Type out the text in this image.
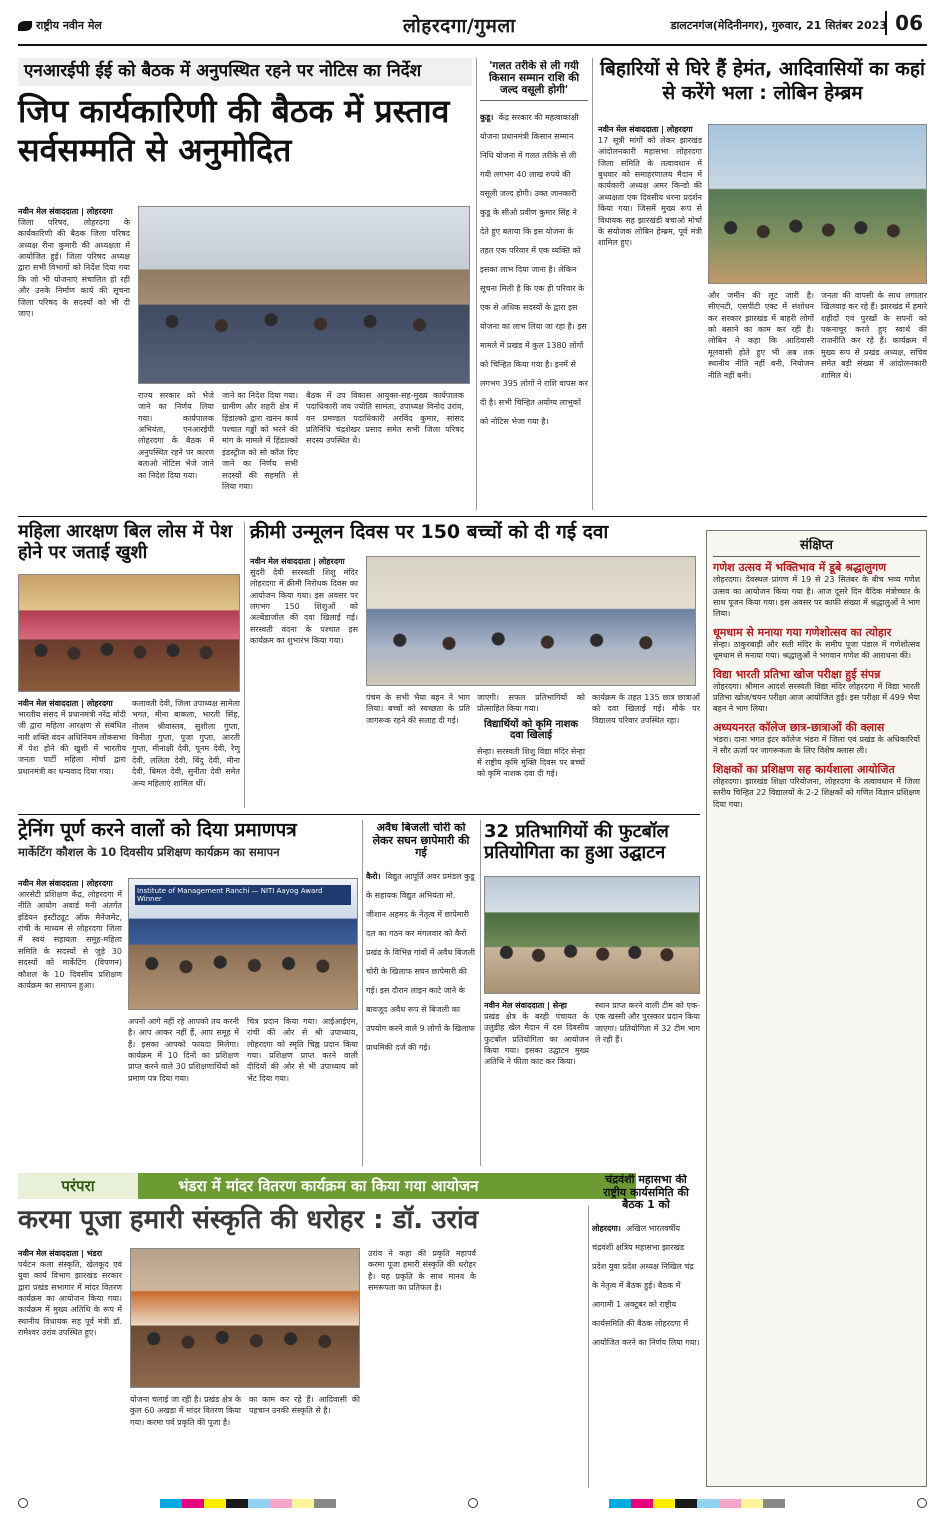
राष्ट्रीय नवीन मेल	लोहरदगा/गुमला	डालटनगंज(मेदिनीनगर), गुरुवार, 21 सितंबर 2023 06
एनआरईपी ईई को बैठक में अनुपस्थित रहने पर नोटिस का निर्देश
जिप कार्यकारिणी की बैठक में प्रस्ताव सर्वसम्मति से अनुमोदित
नवीन मेल संवाददाता | लोहरदगा
जिला परिषद, लोहरदगा के कार्यकारिणी की बैठक जिला परिषद अध्यक्ष रीना कुमारी की अध्यक्षता में आयोजित हुई। जिला परिषद अध्यक्ष द्वारा सभी विभागों को निर्देश दिया गया कि जो भी योजनाएं संचालित हो रही और उनके निर्माण कार्य की सूचना जिला परिषद के सदस्यों को भी दी जाए।
राज्य सरकार को भेजे जाने का निर्णय लिया गया। कार्यपालक अभियंता, एनआरईपी लोहरदगा के बैठक में अनुपस्थित रहने पर कारण बताओ नोटिस भेजे जाने का निदेश दिया गया।
जाने का निदेश दिया गया। ग्रामीण और शहरी क्षेत्र में हिंडाल्को द्वारा खनन कार्य पश्चात गड्ढों को भरने की मांग के मामले में हिंडाल्को इंडस्ट्रीज को सो कॉज दिए जाने का निर्णय सभी सदस्यों की सहमति से लिया गया।
बैठक में उप विकास आयुक्त-सह-मुख्य कार्यपालक पदाधिकारी जय ज्योति सामंता, उपाध्यक्ष विनोद उरांव, वन प्रमण्डल पदाधिकारी अरविंद कुमार, सांसद प्रतिनिधि चंद्रशेखर प्रसाद समेत सभी जिला परिषद सदस्य उपस्थित थे।
'गलत तरीके से ली गयी किसान सम्मान राशि की जल्द वसूली होगी'
कुडू। केंद्र सरकार की महत्वाकांक्षी योजना प्रधानमंत्री किसान सम्मान निधि योजना में गलत तरीके से ली गयी लगभग 40 लाख रुपये की वसूली जल्द होगी। उक्त जानकारी कुडू के सीओ प्रवीण कुमार सिंह ने देते हुए बताया कि इस योजना के तहत एक परिवार में एक व्यक्ति को इसका लाभ दिया जाना है। लेकिन सूचना मिली है कि एक ही परिवार के एक से अधिक सदस्यों के द्वारा इस योजना का लाभ लिया जा रहा है। इस मामले में प्रखंड में कुल 1380 लोगों को चिन्हित किया गया है। इनमें से लगभग 395 लोगों ने राशि वापस कर दी है। सभी चिन्हित अयोग्य लाभुकों को नोटिस भेजा गया है।
बिहारियों से घिरे हैं हेमंत, आदिवासियों का कहां से करेंगे भला : लोबिन हेम्ब्रम
नवीन मेल संवाददाता | लोहरदगा
17 सूत्री मांगों को लेकर झारखंड आंदोलनकारी महासभा लोहरदगा जिला समिति के तत्वावधान में बुधवार को समाहरणालय मैदान में कार्यकारी अध्यक्ष अमर किन्डो की अध्यक्षता एक दिवसीय धरना प्रदर्शन किया गया। जिसमें मुख्य रूप से विधायक सह झारखंडी बचाओ मोर्चा के संयोजक लोबिन हेम्ब्रम, पूर्व मंत्री शामिल हुए।
और जमीन की लूट जारी है। सीएनटी, एसपीटी एक्ट में संशोधन कर सरकार झारखंड में बाहरी लोगों को बसाने का काम कर रही है। लोबिन ने कहा कि आदिवासी मूलवासी होते हुए भी अब तक स्थानीय नीति नहीं बनी, नियोजन नीति नहीं बनी।
जनता की वापसी के साथ लगातार खिलवाड़ कर रहे हैं। झारखंड में हमारे शहीदों एवं पुरखों के सपनों को पकनाचूर करते हुए स्वार्थ की राजनीति कर रहे हैं। कार्यक्रम में मुख्य रूप से प्रखंड अध्यक्ष, सचिव समेत बड़ी संख्या में आंदोलनकारी शामिल थे।
महिला आरक्षण बिल लोस में पेश होने पर जताई खुशी
नवीन मेल संवाददाता | लोहरदगा
भारतीय संसद में प्रधानमंत्री नरेंद्र मोदी जी द्वारा महिला आरक्षण से संबंधित नारी शक्ति वंदन अधिनियम लोकसभा में पेश होने की खुशी में भारतीय जनता पार्टी महिला मोर्चा द्वारा प्रधानमंत्री का धन्यवाद दिया गया।
कलावती देवी, जिला उपाध्यक्ष सामेला भगत, मीना बाकला, भारती सिंह, नीलम श्रीवास्तव, सुशीला गुप्ता, विनीता गुप्ता, पूजा गुप्ता, आरती गुप्ता, मीनाक्षी देवी, पूनम देवी, रेणु देवी, ललिता देवी, बिंदु देवी, मीना देवी, बिमल देवी, सुनीता देवी समेत अन्य महिलाएं शामिल थीं।
क्रीमी उन्मूलन दिवस पर 150 बच्चों को दी गई दवा
नवीन मेल संवाददाता | लोहरदगा
सुंदरी देवी सरस्वती शिशु मंदिर लोहरदगा में क्रीमी निरोधक दिवस का आयोजन किया गया। इस अवसर पर लगभग 150 शिशुओं को अल्बेंडाजोल की दवा खिलाई गई। सरस्वती वंदना के पश्चात इस कार्यक्रम का शुभारंभ किया गया।
पंचम के सभी भैया बहन ने भाग लिया। बच्चों को स्वच्छता के प्रति जागरूक रहने की सलाह दी गई।
जाएगी। सफल प्रतिभागियों को प्रोत्साहित किया गया।
विद्यार्थियों को कृमि नाशक दवा खिलाई
सेन्हा। सरस्वती शिशु विद्या मंदिर सेन्हा में राष्ट्रीय कृमि मुक्ति दिवस पर बच्चों को कृमि नाशक दवा दी गई।
कार्यक्रम के तहत 135 छात्र छात्राओं को दवा खिलाई गई। मौके पर विद्यालय परिवार उपस्थित रहा।
संक्षिप्त
गणेश उत्सव में भक्तिभाव में डूबे श्रद्धालुगण
लोहरदगा। देवस्थल प्रांगण में 19 से 23 सितंबर के बीच भव्य गणेश उत्सव का आयोजन किया गया है। आज दूसरे दिन वैदिक मंत्रोच्चार के साथ पूजन किया गया। इस अवसर पर काफी संख्या में श्रद्धालुओं ने भाग लिया।
धूमधाम से मनाया गया गणेशोत्सव का त्योहार
सेन्हा। ठाकुरबाड़ी और सती मंदिर के समीप पूजा पंडाल में गणेशोत्सव धूमधाम से मनाया गया। श्रद्धालुओं ने भगवान गणेश की आराधना की।
विद्या भारती प्रतिभा खोज परीक्षा हुई संपन्न
लोहरदगा। श्रीमान आदर्श सरस्वती विद्या मंदिर लोहरदगा में विद्या भारती प्रतिभा खोज/चयन परीक्षा आज आयोजित हुई। इस परीक्षा में 499 भैया बहन ने भाग लिया।
अध्ययनरत कॉलेज छात्र-छात्राओं की क्लास
भंडरा। दाना भगत इंटर कॉलेज भंडरा में जिला एवं प्रखंड के अधिकारियों ने सौर ऊर्जा पर जागरूकता के लिए विशेष क्लास ली।
शिक्षकों का प्रशिक्षण सह कार्यशाला आयोजित
लोहरदगा। झारखंड शिक्षा परियोजना, लोहरदगा के तत्वावधान में जिला स्तरीय चिन्हित 22 विद्यालयों के 2-2 शिक्षकों को गणित विज्ञान प्रशिक्षण दिया गया।
ट्रेनिंग पूर्ण करने वालों को दिया प्रमाणपत्र
मार्केटिंग कौशल के 10 दिवसीय प्रशिक्षण कार्यक्रम का समापन
नवीन मेल संवाददाता | लोहरदगा
आरसेटी प्रशिक्षण केंद्र, लोहरदगा में नीति आयोग अवार्ड मनी अंतर्गत इंडियन इंस्टीट्यूट ऑफ मैनेजमेंट, रांची के माध्यम से लोहरदगा जिला में स्वयं सहायता समूह-महिला समिति के सदस्यों से जुड़े 30 सदस्यों को मार्केटिंग (विपणन) कौशल के 10 दिवसीय प्रशिक्षण कार्यक्रम का समापन हुआ।
Institute of Management Ranchi — NITI Aayog Award Winner
अपनों आगे नहीं रहे आपको तय करनी है। आप आकर नहीं हैं, आप समूह में हैं। इसका आपको फायदा मिलेगा। कार्यक्रम में 10 दिनों का प्रशिक्षण प्राप्त करने वाले 30 प्रशिक्षणार्थियों को प्रमाण पत्र दिया गया।
चित्र प्रदान किया गया। आईआईएम, रांची की ओर से श्री उपाध्याय, लोहरदगा को स्मृति चिह्न प्रदान किया गया। प्रशिक्षण प्राप्त करने वाली दीदियों की ओर से भी उपाध्याय को भेंट दिया गया।
अवैध बिजली चोरी को लेकर सघन छापेमारी की गई
कैरो। विद्युत आपूर्ति अवर प्रमंडल कुडू के सहायक विद्युत अभियंता मो. जीशान अहमद के नेतृत्व में छापेमारी दल का गठन कर मंगलवार को कैरो प्रखंड के विभिन्न गांवों में अवैध बिजली चोरी के खिलाफ सघन छापेमारी की गई। इस दौरान लाइन काटे जाने के बावजूद अवैध रूप से बिजली का उपयोग करने वाले 9 लोगों के खिलाफ प्राथमिकी दर्ज की गई।
32 प्रतिभागियों की फुटबॉल प्रतियोगिता का हुआ उद्घाटन
नवीन मेल संवाददाता | सेन्हा
प्रखंड क्षेत्र के बरही पंचायत के उलुडीह खेल मैदान में दस दिवसीय फुटबॉल प्रतियोगिता का आयोजन किया गया। इसका उद्घाटन मुख्य अतिथि ने फीता काट कर किया।
स्थान प्राप्त करने वाली टीम को एक-एक खस्सी और पुरस्कार प्रदान किया जाएगा। प्रतियोगिता में 32 टीम भाग ले रही हैं।
परंपरा	भंडरा में मांदर वितरण कार्यक्रम का किया गया आयोजन
करमा पूजा हमारी संस्कृति की धरोहर : डॉ. उरांव
नवीन मेल संवाददाता | भंडरा
पर्यटन कला संस्कृति, खेलकूद एवं युवा कार्य विभाग झारखंड सरकार द्वारा प्रखंड सभागार में मांदर वितरण कार्यक्रम का आयोजन किया गया। कार्यक्रम में मुख्य अतिथि के रूप में स्थानीय विधायक सह पूर्व मंत्री डॉ. रामेश्वर उरांव उपस्थित हुए।
योजना चलाई जा रही है। प्रखंड क्षेत्र के कुल 60 अखड़ा में मांदर वितरण किया गया। करमा पर्व प्रकृति की पूजा है।
का काम कर रहे हैं। आदिवासी की पहचान उनकी संस्कृति से है।
उरांव ने कहा की प्रकृति महापर्व करमा पूजा हमारी संस्कृति की धरोहर है। यह प्रकृति के साथ मानव के समरूपता का प्रतिफल है।
चंद्रवंशी महासभा की राष्ट्रीय कार्यसमिति की बैठक 1 को
लोहरदगा। अखिल भारतवर्षीय चंद्रवंशी क्षत्रिय महासभा झारखंड प्रदेश युवा प्रदेश अध्यक्ष निखिल चंद्र के नेतृत्व में बैठक हुई। बैठक में आगामी 1 अक्टूबर को राष्ट्रीय कार्यसमिति की बैठक लोहरदगा में आयोजित करने का निर्णय लिया गया।
